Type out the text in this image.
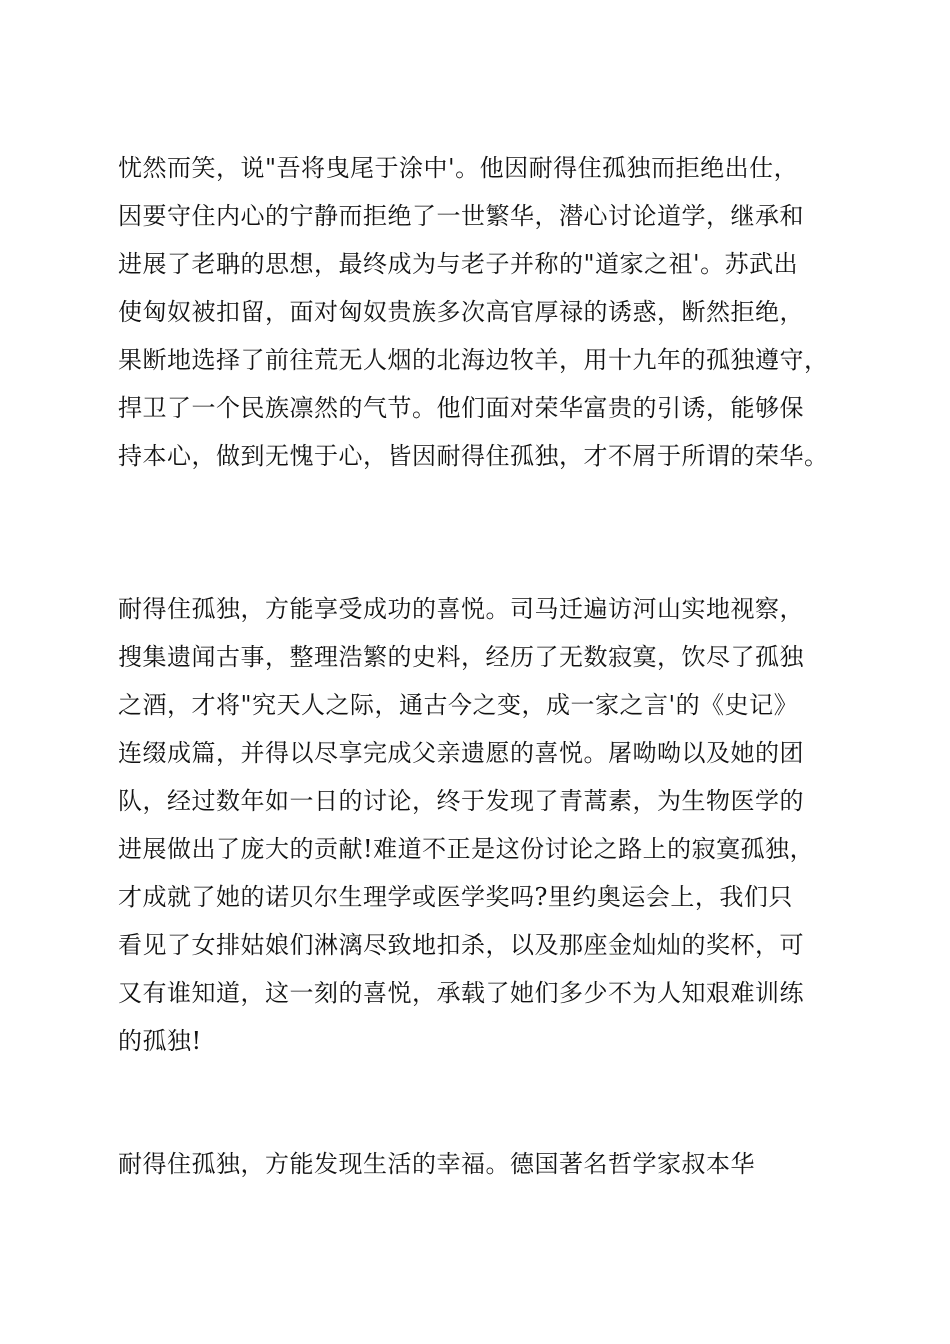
忧然而笑，说"吾将曳尾于涂中'。他因耐得住孤独而拒绝出仕，
因要守住内心的宁静而拒绝了一世繁华，潜心讨论道学，继承和
进展了老聃的思想，最终成为与老子并称的"道家之祖'。苏武出
使匈奴被扣留，面对匈奴贵族多次高官厚禄的诱惑，断然拒绝，
果断地选择了前往荒无人烟的北海边牧羊，用十九年的孤独遵守，
捍卫了一个民族凛然的气节。他们面对荣华富贵的引诱，能够保
持本心，做到无愧于心，皆因耐得住孤独，才不屑于所谓的荣华。
耐得住孤独，方能享受成功的喜悦。司马迁遍访河山实地视察，
搜集遗闻古事，整理浩繁的史料，经历了无数寂寞，饮尽了孤独
之酒，才将"究天人之际，通古今之变，成一家之言'的《史记》
连缀成篇，并得以尽享完成父亲遗愿的喜悦。屠呦呦以及她的团
队，经过数年如一日的讨论，终于发现了青蒿素，为生物医学的
进展做出了庞大的贡献!难道不正是这份讨论之路上的寂寞孤独，
才成就了她的诺贝尔生理学或医学奖吗?里约奥运会上，我们只
看见了女排姑娘们淋漓尽致地扣杀，以及那座金灿灿的奖杯，可
又有谁知道，这一刻的喜悦，承载了她们多少不为人知艰难训练
的孤独!
耐得住孤独，方能发现生活的幸福。德国著名哲学家叔本华
